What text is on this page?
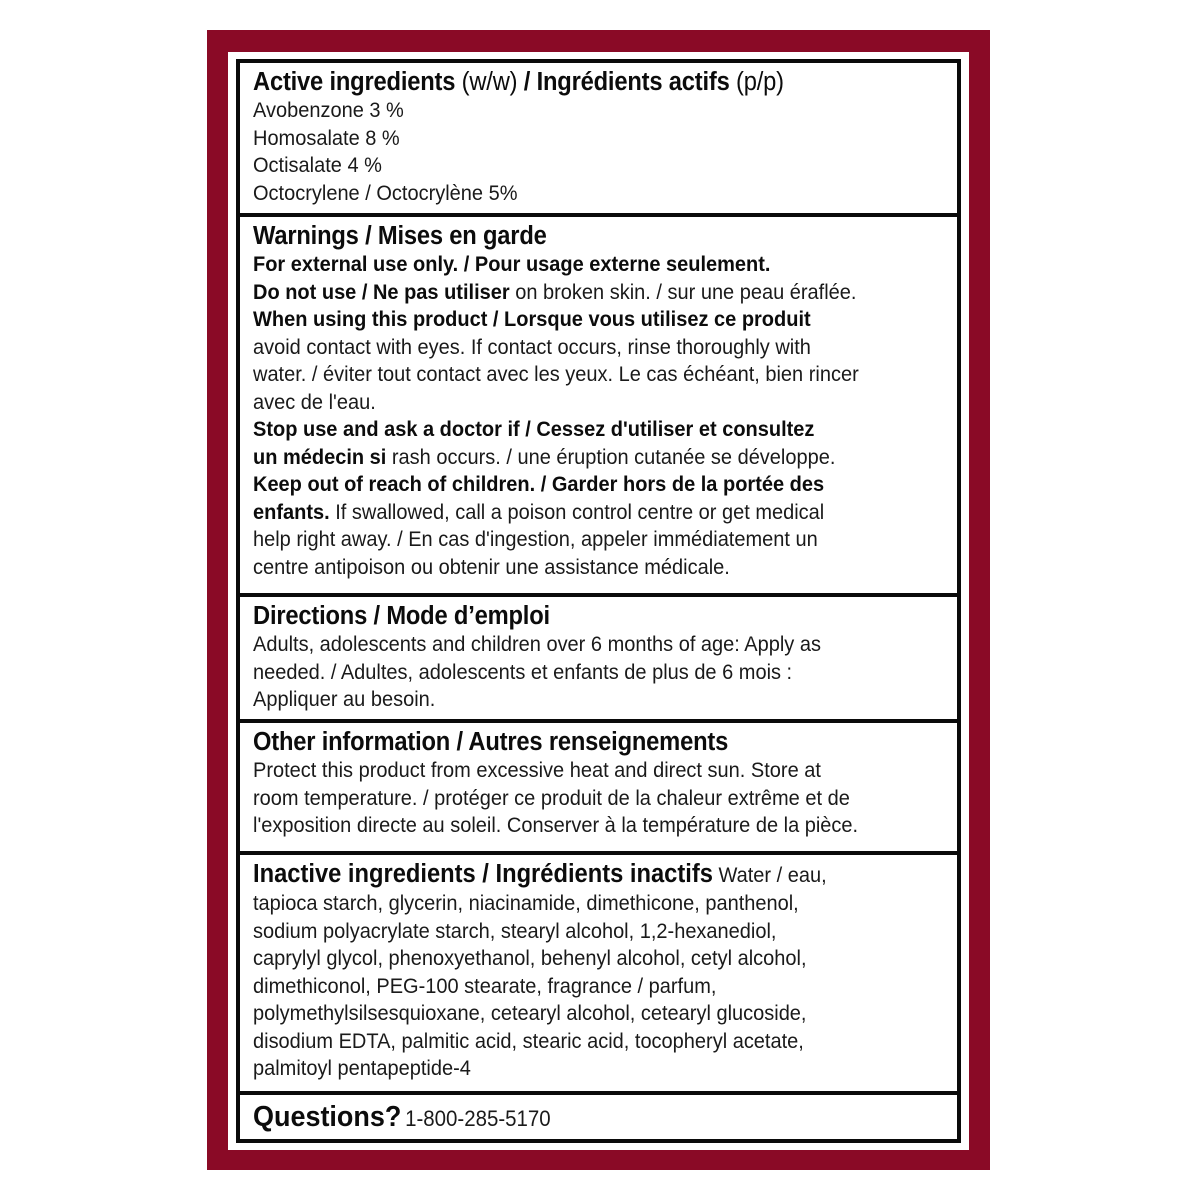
Active ingredients (w/w) / Ingrédients actifs (p/p)
Avobenzone 3 %
Homosalate 8 %
Octisalate 4 %
Octocrylene / Octocrylène 5%
Warnings / Mises en garde
For external use only. / Pour usage externe seulement.
Do not use / Ne pas utiliser on broken skin. / sur une peau éraflée.
When using this product / Lorsque vous utilisez ce produit
avoid contact with eyes. If contact occurs, rinse thoroughly with
water. / éviter tout contact avec les yeux. Le cas échéant, bien rincer
avec de l'eau.
Stop use and ask a doctor if / Cessez d'utiliser et consultez
un médecin si rash occurs. / une éruption cutanée se développe.
Keep out of reach of children. / Garder hors de la portée des
enfants. If swallowed, call a poison control centre or get medical
help right away. / En cas d'ingestion, appeler immédiatement un
centre antipoison ou obtenir une assistance médicale.
Directions / Mode d’emploi
Adults, adolescents and children over 6 months of age: Apply as
needed. / Adultes, adolescents et enfants de plus de 6 mois :
Appliquer au besoin.
Other information / Autres renseignements
Protect this product from excessive heat and direct sun. Store at
room temperature. / protéger ce produit de la chaleur extrême et de
l'exposition directe au soleil. Conserver à la température de la pièce.
Inactive ingredients / Ingrédients inactifs Water / eau,
tapioca starch, glycerin, niacinamide, dimethicone, panthenol,
sodium polyacrylate starch, stearyl alcohol, 1,2-hexanediol,
caprylyl glycol, phenoxyethanol, behenyl alcohol, cetyl alcohol,
dimethiconol, PEG-100 stearate, fragrance / parfum,
polymethylsilsesquioxane, cetearyl alcohol, cetearyl glucoside,
disodium EDTA, palmitic acid, stearic acid, tocopheryl acetate,
palmitoyl pentapeptide-4
Questions? 1-800-285-5170
